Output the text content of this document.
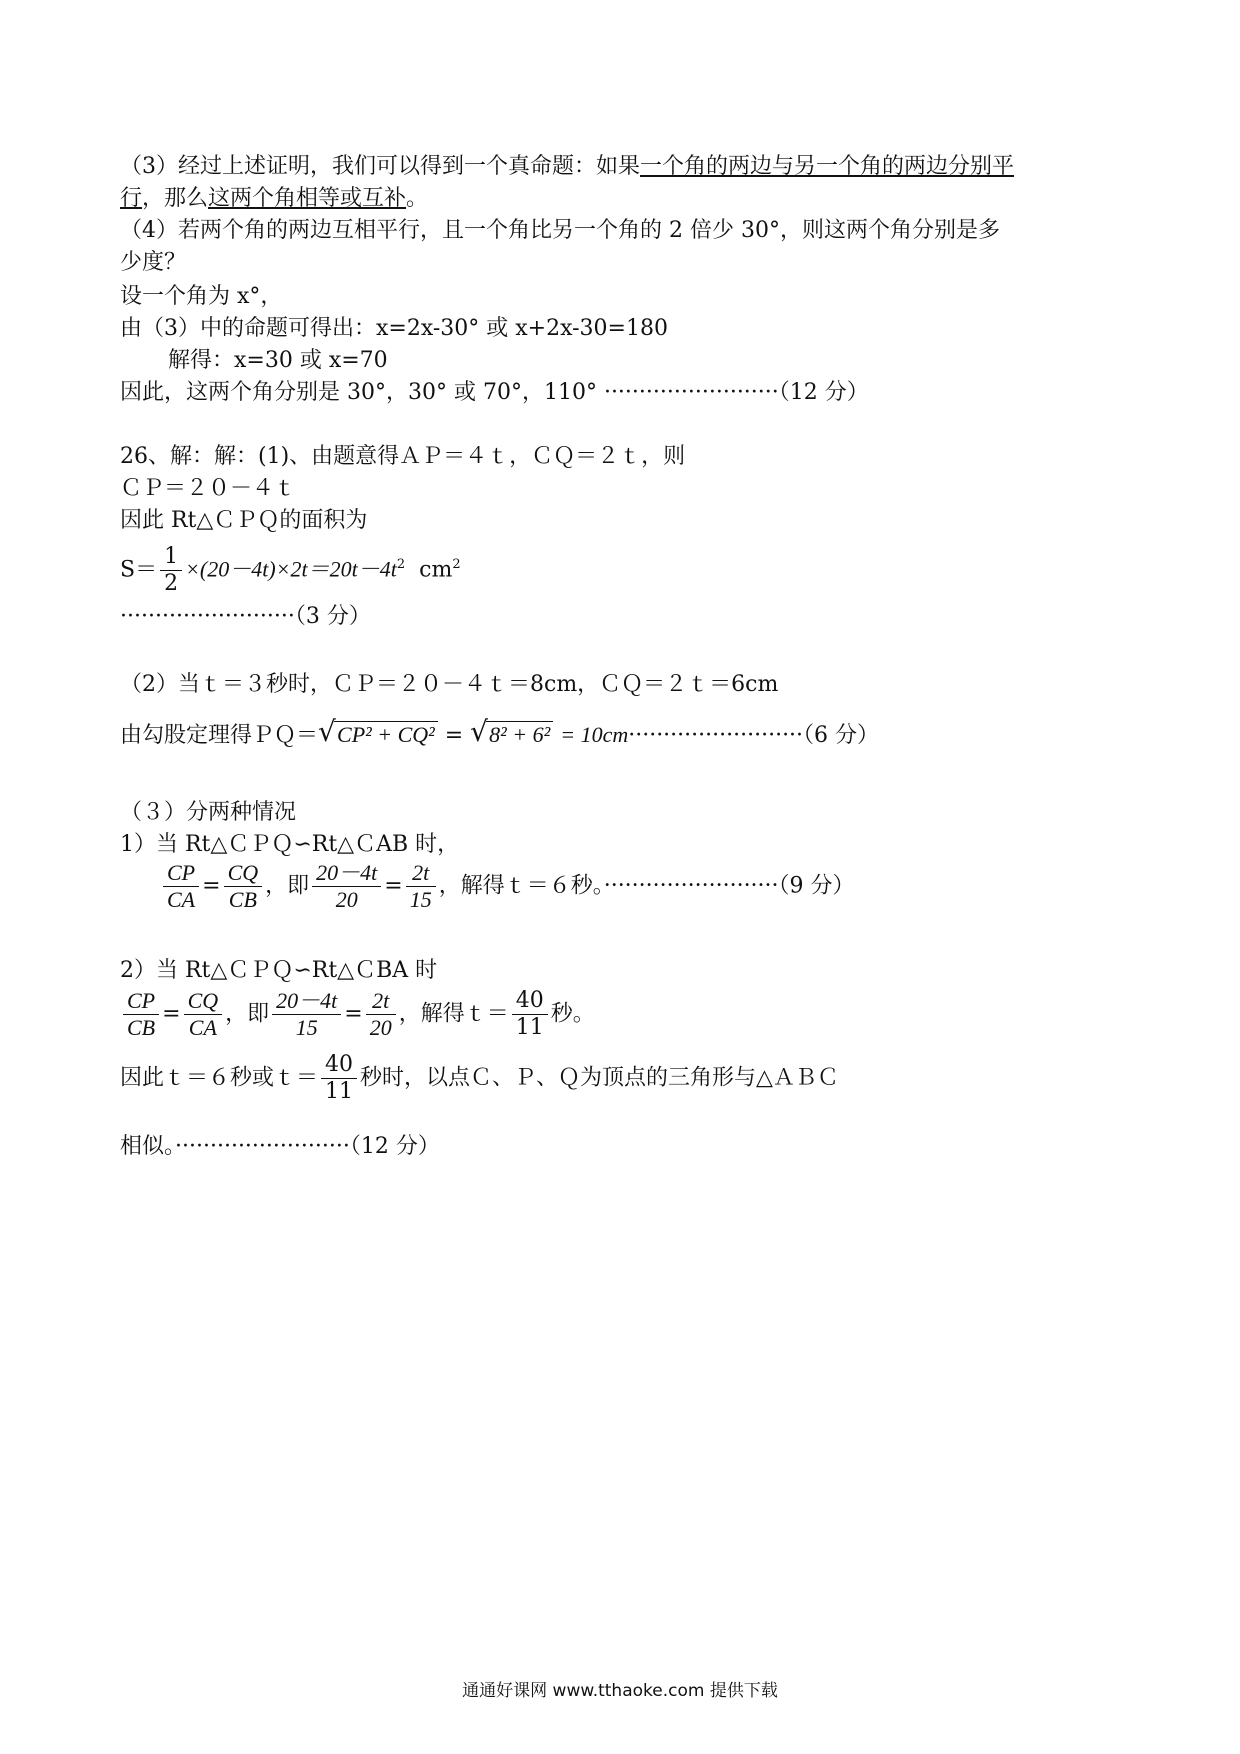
（3）经过上述证明，我们可以得到一个真命题：如果一个角的两边与另一个角的两边分别平
行，那么这两个角相等或互补。
（4）若两个角的两边互相平行，且一个角比另一个角的 2 倍少 30°，则这两个角分别是多
少度？
设一个角为 x°，
由（3）中的命题可得出：x=2x-30° 或 x+2x-30=180
解得：x=30 或 x=70
因此，这两个角分别是 30°，30° 或 70°，110° ·························（12 分）
26、解：解：(1)、由题意得ＡＰ＝４ｔ，ＣＱ＝２ｔ，则
ＣＰ＝２０－４ｔ
因此 Rt△ＣＰＱ的面积为
$S= \frac{1}{2} \times(20-4t)\times 2t=20t-4t^2$ $cm^2$
·························（3 分）
（2）当ｔ＝３秒时，ＣＰ＝２０－４ｔ＝8cm，ＣＱ＝２ｔ＝6cm
由勾股定理得ＰＱ＝ √ CP² + CQ² = √ 8² + 6² = 10cm·························（6 分）
（３）分两种情况
1）当 Rt△ＣＰＱ∽Rt△ＣAB 时，
$\frac{CP}{CA} = \frac{CQ}{CB}$ ，即 $\frac{20-4t}{20} = \frac{2t}{15}$ ，解得ｔ＝６秒。·························（9 分）
2）当 Rt△ＣＰＱ∽Rt△ＣBA 时
$\frac{CP}{CB} = \frac{CQ}{CA}$ ，即 $\frac{20-4t}{15} = \frac{2t}{20}$ ，解得ｔ＝ $\frac{40}{11}$ 秒。
因此ｔ＝６秒或ｔ＝ $\frac{40}{11}$ 秒时，以点Ｃ、Ｐ、Ｑ为顶点的三角形与△ＡＢＣ
相似。·························（12 分）
通通好课网 www.tthaoke.com 提供下载
